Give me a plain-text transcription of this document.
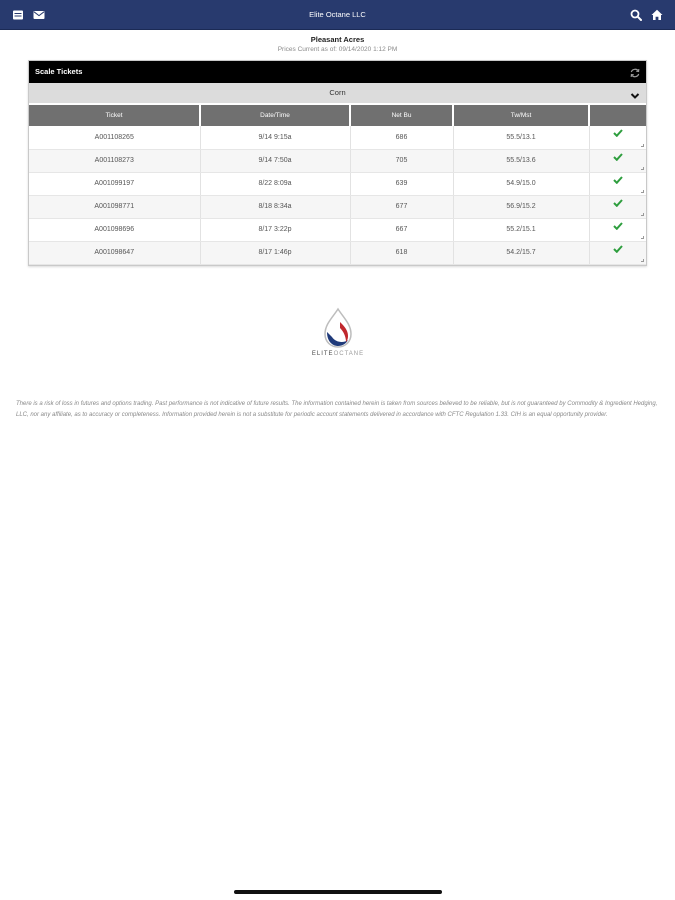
Elite Octane LLC
Pleasant Acres
Prices Current as of: 09/14/2020 1:12 PM
Scale Tickets
Corn
Ticket	Date/Time	Net Bu	Tw/Mst	
A001108265	9/14 9:15a	686	55.5/13.1	

A001108273	9/14 7:50a	705	55.5/13.6	

A001099197	8/22 8:09a	639	54.9/15.0	

A001098771	8/18 8:34a	677	56.9/15.2	

A001098696	8/17 3:22p	667	55.2/15.1	

A001098647	8/17 1:46p	618	54.2/15.7	
ELITEOCTANE
There is a risk of loss in futures and options trading. Past performance is not indicative of future results. The information contained herein is taken from sources believed to be reliable, but is not guaranteed by Commodity & Ingredient Hedging, LLC, nor any affiliate, as to accuracy or completeness. Information provided herein is not a substitute for periodic account statements delivered in accordance with CFTC Regulation 1.33. CIH is an equal opportunity provider.
